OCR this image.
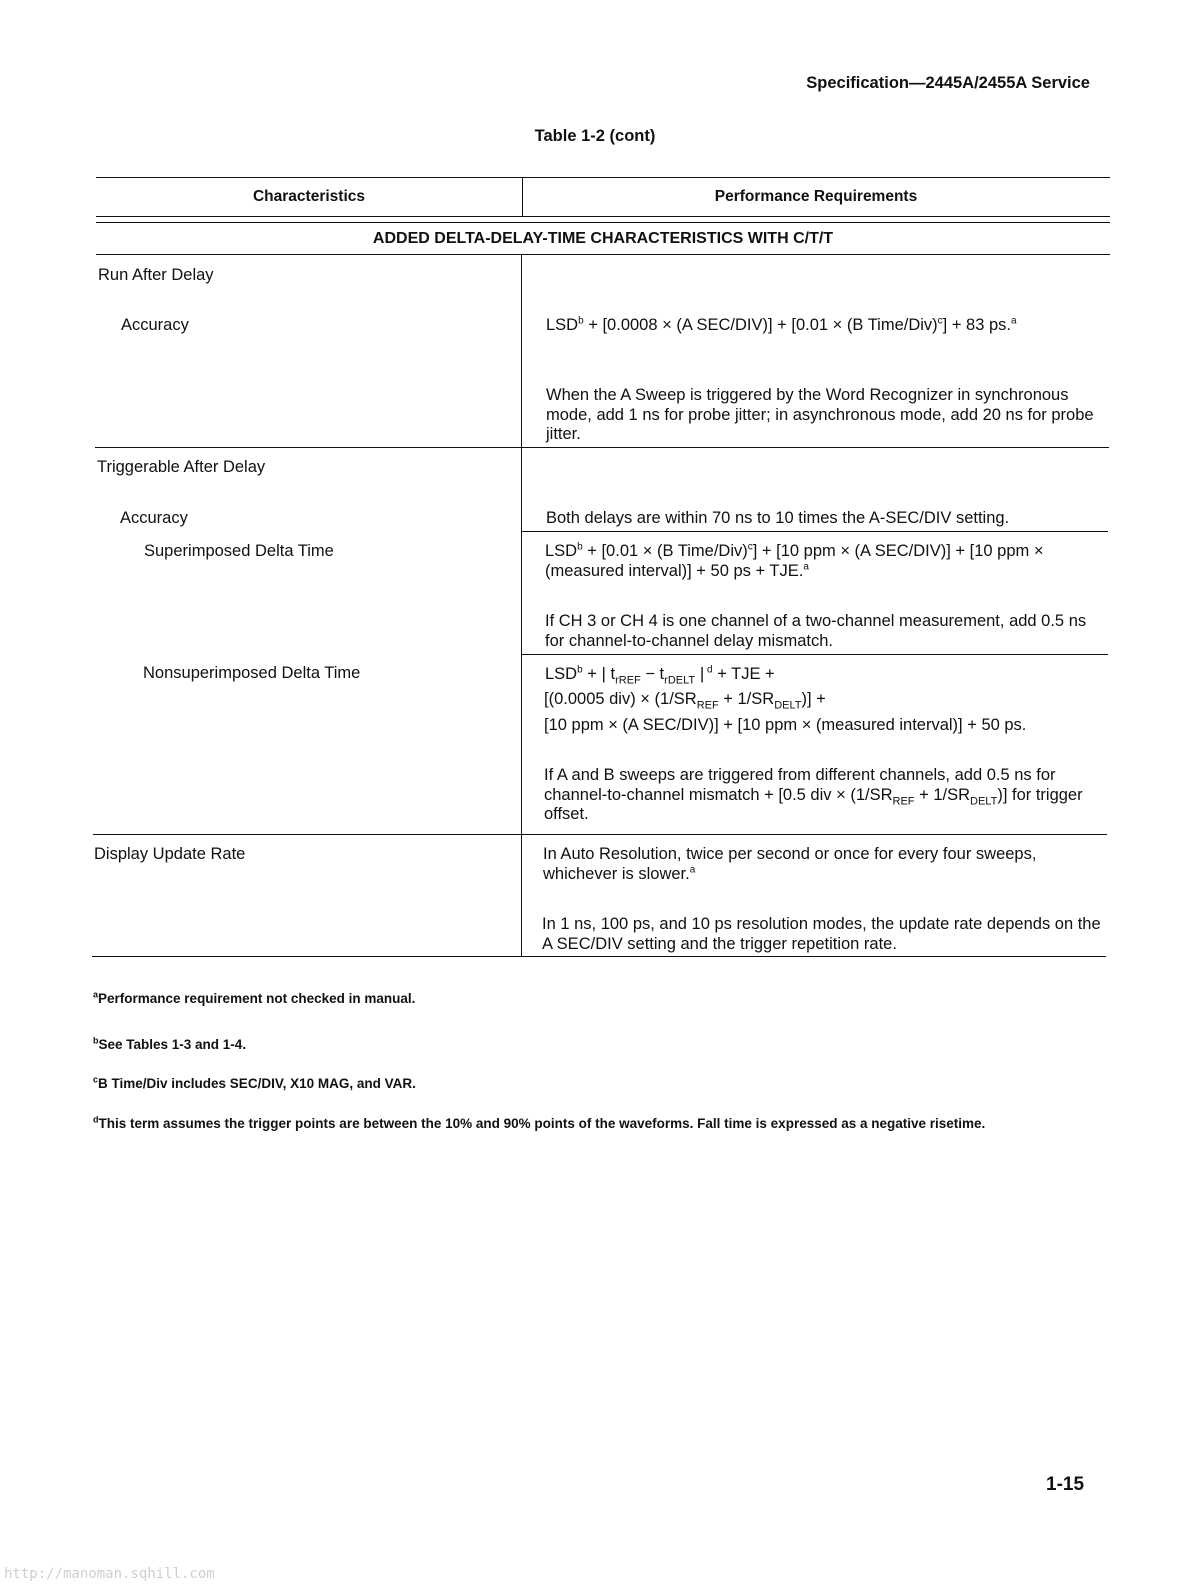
Specification—2445A/2455A Service
Table 1-2 (cont)
Characteristics	Performance Requirements
ADDED DELTA-DELAY-TIME CHARACTERISTICS WITH C/T/T
Run After Delay
Accuracy	$LSD^b + [0.0008 \times (A$ SEC/DIV)] + [0.01 × (B Time/Div)$^c$] + 83 ps.$^a$
When the A Sweep is triggered by the Word Recognizer in synchronous mode, add 1 ns for probe jitter; in asynchronous mode, add 20 ns for probe jitter.
Triggerable After Delay
Accuracy	Both delays are within 70 ns to 10 times the A-SEC/DIV setting.
Superimposed Delta Time	$LSD^b + [0.01 \times (B$ Time/Div)$^c$] + [10 ppm × (A SEC/DIV)] + [10 ppm × (measured interval)] + 50 ps + TJE.$^a$
If CH 3 or CH 4 is one channel of a two-channel measurement, add 0.5 ns for channel-to-channel delay mismatch.
Nonsuperimposed Delta Time	$LSD^b$ + | $t_{rREF} - t_{rDELT}$ | $^d$ + TJE +
[(0.0005 $div) \times (1/SR_{REF} + 1/SR_{DELT})$] +
[10 ppm × (A SEC/DIV)] + [10 ppm × (measured interval)] + 50 ps.
If A and B sweeps are triggered from different channels, add 0.5 ns for channel-to-channel mismatch + [0.5 div × $(1/SR_{REF} + 1/SR_{DELT})$] for trigger offset.
Display Update Rate	In Auto Resolution, twice per second or once for every four sweeps, whichever is slower.$^a$
In 1 ns, 100 ps, and 10 ps resolution modes, the update rate depends on the A SEC/DIV setting and the trigger repetition rate.
$^a$Performance requirement not checked in manual.
$^b$See Tables 1-3 and 1-4.
$^c$B Time/Div includes SEC/DIV, X10 MAG, and VAR.
$^d$This term assumes the trigger points are between the 10% and 90% points of the waveforms. Fall time is expressed as a negative risetime.
1-15
http://manoman.sqhill.com
